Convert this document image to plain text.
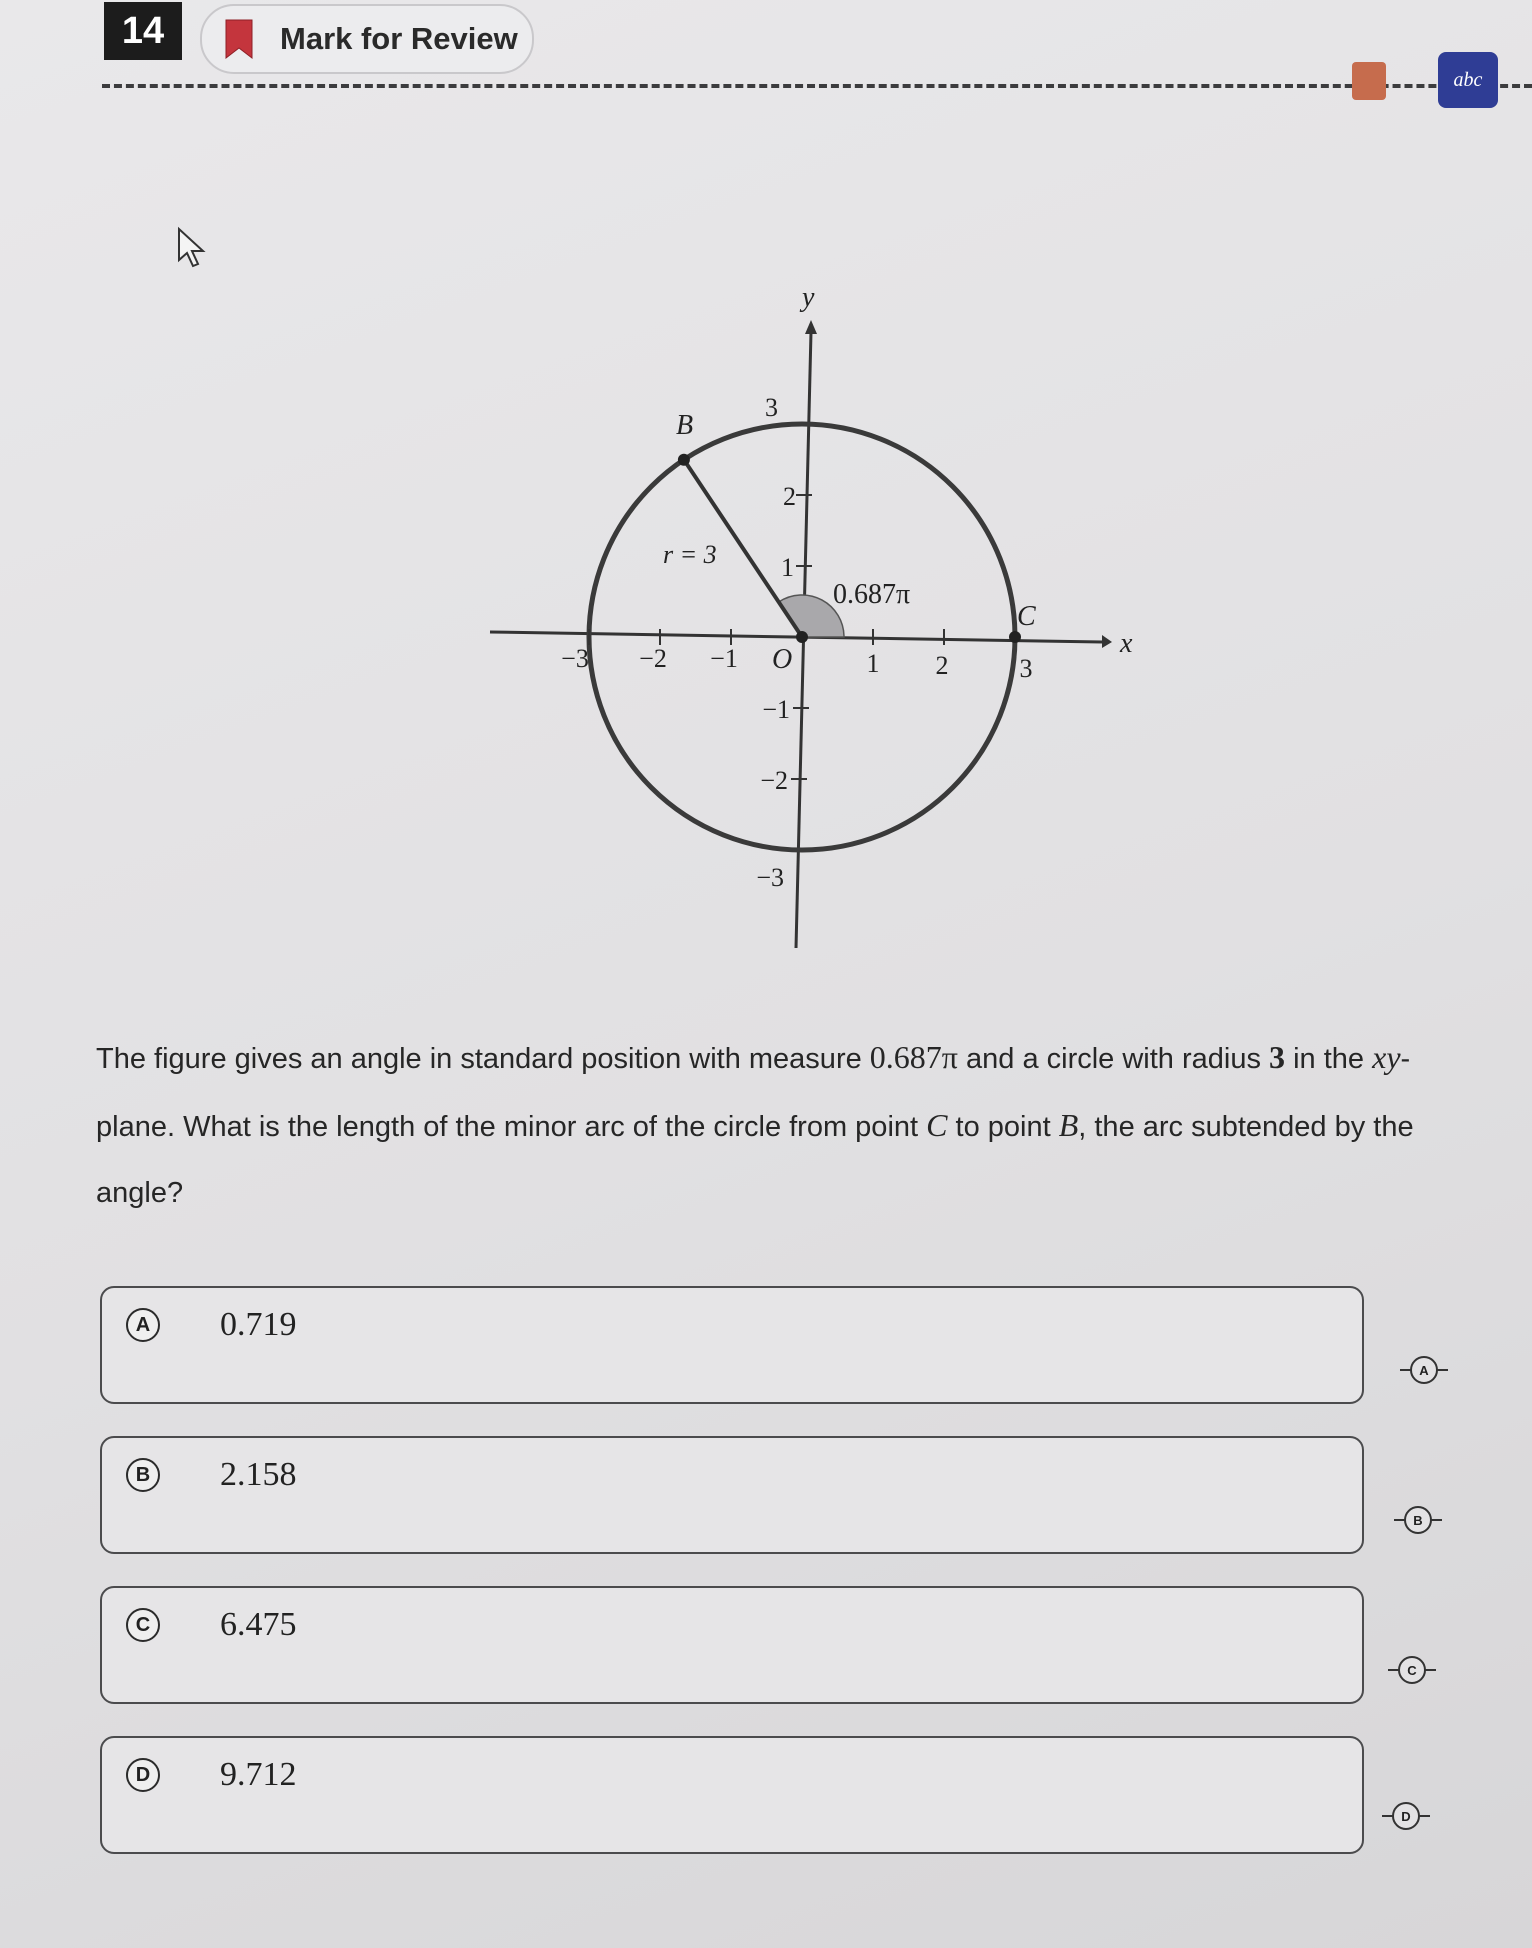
14	Mark for Review
abc
y
x
3
2
1
−1
−2
−3
−3 −2 −1	1 2	3
O
B
C
r = 3
0.687π
The figure gives an angle in standard position with measure 0.687π and a circle with radius 3 in the xy-plane. What is the length of the minor arc of the circle from point C to point B, the arc subtended by the angle?
A 0.719
A
B 2.158
B
C 6.475
C
D 9.712
D
